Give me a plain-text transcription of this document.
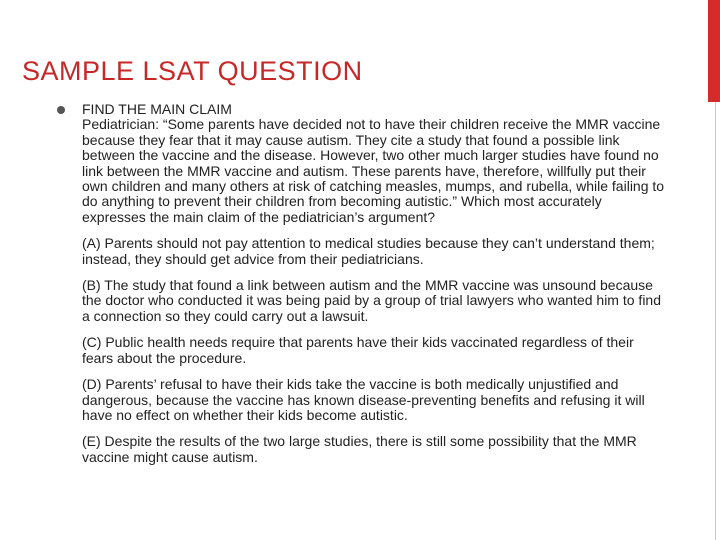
SAMPLE LSAT QUESTION

FIND THE MAIN CLAIM

Pediatrician: “Some parents have decided not to have their children receive the MMR vaccine because they fear that it may cause autism. They cite a study that found a possible link between the vaccine and the disease. However, two other much larger studies have found no link between the MMR vaccine and autism. These parents have, therefore, willfully put their own children and many others at risk of catching measles, mumps, and rubella, while failing to do anything to prevent their children from becoming autistic.” Which most accurately expresses the main claim of the pediatrician’s argument?

(A) Parents should not pay attention to medical studies because they can’t understand them; instead, they should get advice from their pediatricians.

(B) The study that found a link between autism and the MMR vaccine was unsound because the doctor who conducted it was being paid by a group of trial lawyers who wanted him to find a connection so they could carry out a lawsuit.

(C) Public health needs require that parents have their kids vaccinated regardless of their fears about the procedure.

(D) Parents’ refusal to have their kids take the vaccine is both medically unjustified and dangerous, because the vaccine has known disease-preventing benefits and refusing it will have no effect on whether their kids become autistic.

(E) Despite the results of the two large studies, there is still some possibility that the MMR vaccine might cause autism.
